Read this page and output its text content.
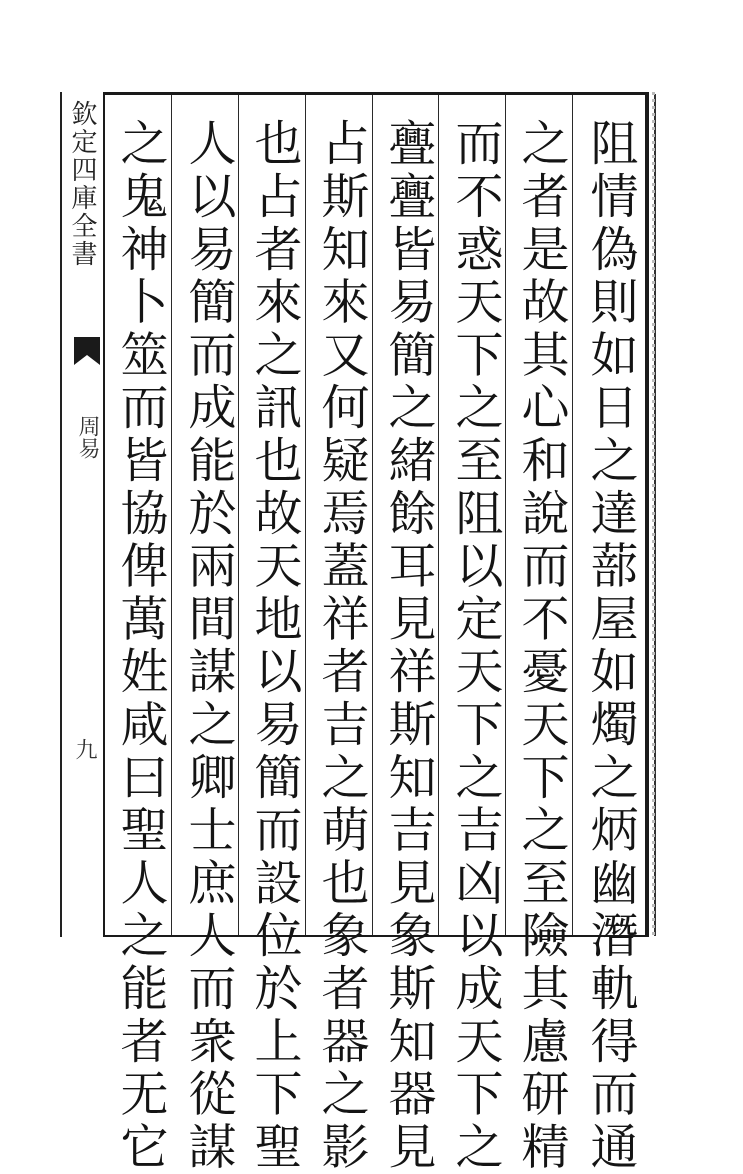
欽定四庫全書
周易
九	阻情偽則如日之達蔀屋如燭之炳幽潛軌得而通
之者是故其心和說而不憂天下之至險其慮研精
而不惑天下之至阻以定天下之吉凶以成天下之
亹亹皆易簡之緒餘耳見祥斯知吉見象斯知器見
占斯知來又何疑焉蓋祥者吉之萌也象者器之影
也占者來之訊也故天地以易簡而設位於上下聖
人以易簡而成能於兩間謀之卿士庶人而衆從謀
之鬼神卜筮而皆協俾萬姓咸曰聖人之能者无它
